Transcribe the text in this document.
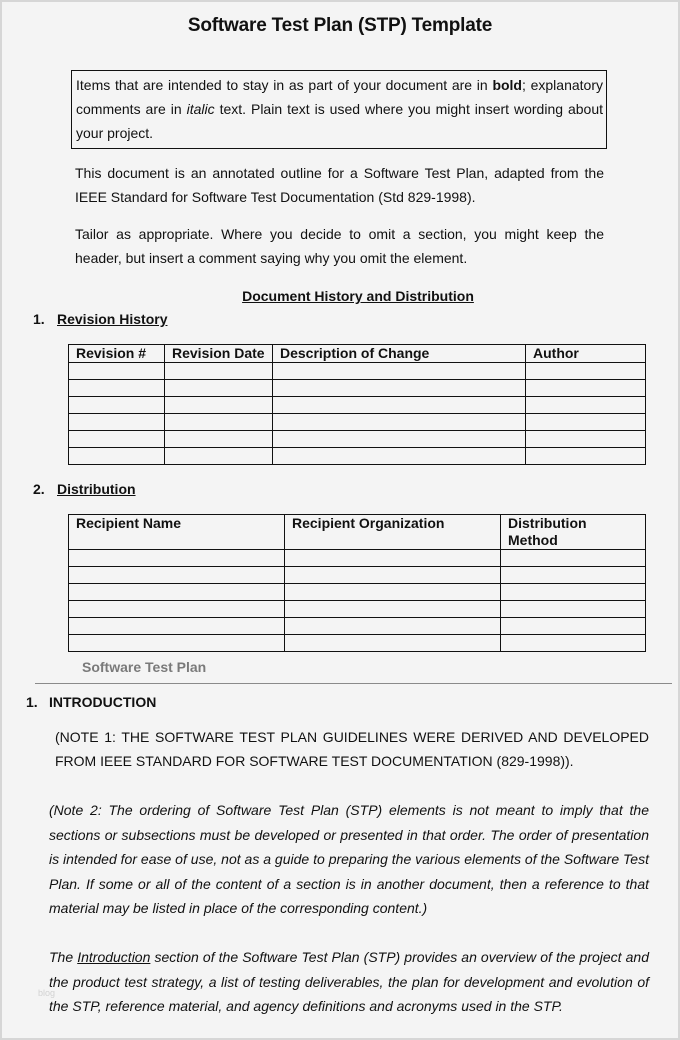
Software Test Plan (STP) Template
Items that are intended to stay in as part of your document are in bold; explanatory comments are in italic text. Plain text is used where you might insert wording about your project.

This document is an annotated outline for a Software Test Plan, adapted from the IEEE Standard for Software Test Documentation (Std 829-1998).

Tailor as appropriate. Where you decide to omit a section, you might keep the header, but insert a comment saying why you omit the element.

Document History and Distribution
1. Revision History
Revision #	Revision Date	Description of Change	Author

2. Distribution
Recipient Name	Recipient Organization	Distribution Method

Software Test Plan
1. INTRODUCTION

(NOTE 1: THE SOFTWARE TEST PLAN GUIDELINES WERE DERIVED AND DEVELOPED FROM IEEE STANDARD FOR SOFTWARE TEST DOCUMENTATION (829-1998)).

(Note 2: The ordering of Software Test Plan (STP) elements is not meant to imply that the sections or subsections must be developed or presented in that order. The order of presentation is intended for ease of use, not as a guide to preparing the various elements of the Software Test Plan. If some or all of the content of a section is in another document, then a reference to that material may be listed in place of the corresponding content.)

The Introduction section of the Software Test Plan (STP) provides an overview of the project and the product test strategy, a list of testing deliverables, the plan for development and evolution of the STP, reference material, and agency definitions and acronyms used in the STP.

blog
